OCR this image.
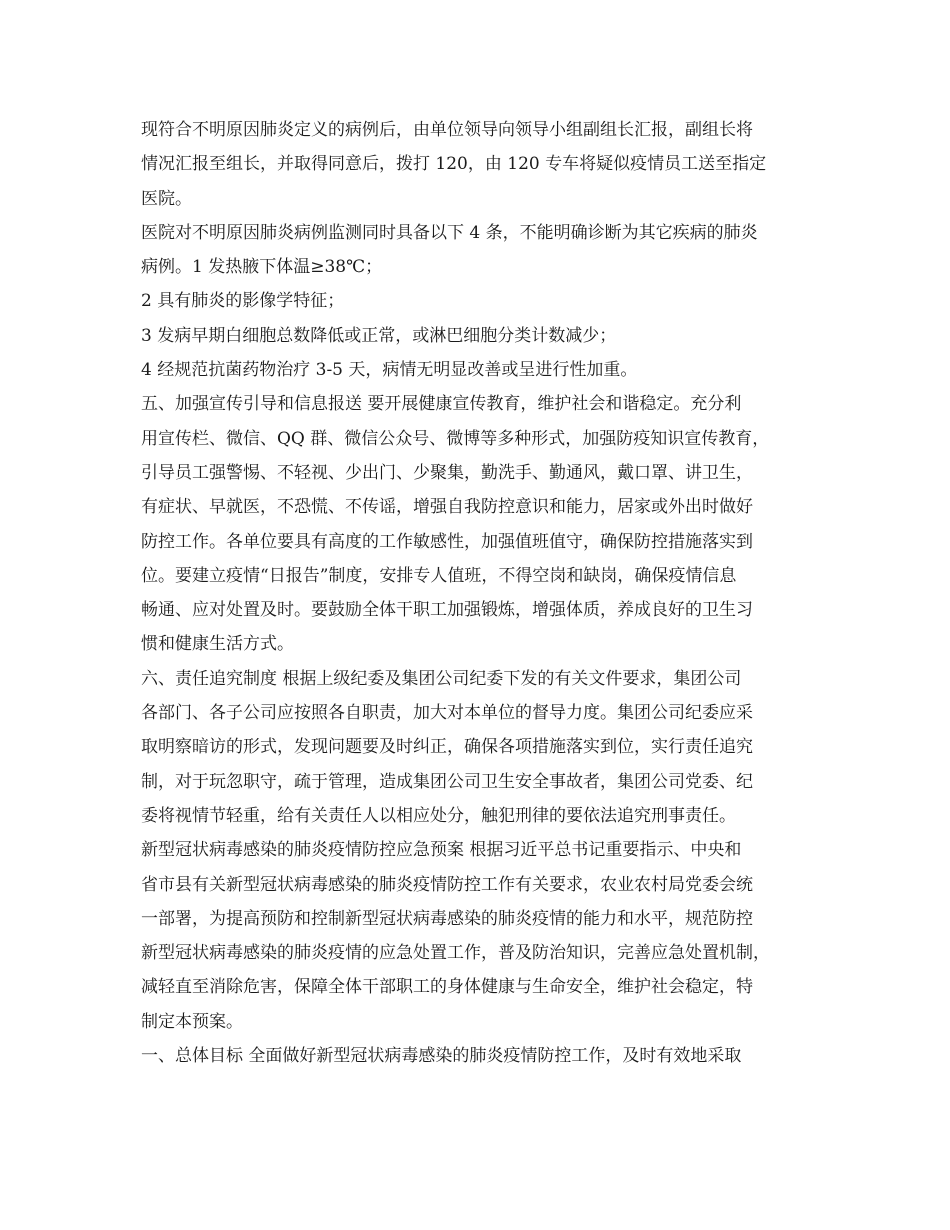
现符合不明原因肺炎定义的病例后，由单位领导向领导小组副组长汇报，副组长将
情况汇报至组长，并取得同意后，拨打 120，由 120 专车将疑似疫情员工送至指定
医院。
医院对不明原因肺炎病例监测同时具备以下 4 条，不能明确诊断为其它疾病的肺炎
病例。1 发热腋下体温≥38℃；
2 具有肺炎的影像学特征；
3 发病早期白细胞总数降低或正常，或淋巴细胞分类计数减少；
4 经规范抗菌药物治疗 3-5 天，病情无明显改善或呈进行性加重。
五、加强宣传引导和信息报送 要开展健康宣传教育，维护社会和谐稳定。充分利
用宣传栏、微信、QQ 群、微信公众号、微博等多种形式，加强防疫知识宣传教育，
引导员工强警惕、不轻视、少出门、少聚集，勤洗手、勤通风，戴口罩、讲卫生，
有症状、早就医，不恐慌、不传谣，增强自我防控意识和能力，居家或外出时做好
防控工作。各单位要具有高度的工作敏感性，加强值班值守，确保防控措施落实到
位。要建立疫情“日报告”制度，安排专人值班，不得空岗和缺岗，确保疫情信息
畅通、应对处置及时。要鼓励全体干职工加强锻炼，增强体质，养成良好的卫生习
惯和健康生活方式。
六、责任追究制度 根据上级纪委及集团公司纪委下发的有关文件要求，集团公司
各部门、各子公司应按照各自职责，加大对本单位的督导力度。集团公司纪委应采
取明察暗访的形式，发现问题要及时纠正，确保各项措施落实到位，实行责任追究
制，对于玩忽职守，疏于管理，造成集团公司卫生安全事故者，集团公司党委、纪
委将视情节轻重，给有关责任人以相应处分，触犯刑律的要依法追究刑事责任。
新型冠状病毒感染的肺炎疫情防控应急预案 根据习近平总书记重要指示、中央和
省市县有关新型冠状病毒感染的肺炎疫情防控工作有关要求，农业农村局党委会统
一部署，为提高预防和控制新型冠状病毒感染的肺炎疫情的能力和水平，规范防控
新型冠状病毒感染的肺炎疫情的应急处置工作，普及防治知识，完善应急处置机制，
减轻直至消除危害，保障全体干部职工的身体健康与生命安全，维护社会稳定，特
制定本预案。
一、总体目标 全面做好新型冠状病毒感染的肺炎疫情防控工作，及时有效地采取
